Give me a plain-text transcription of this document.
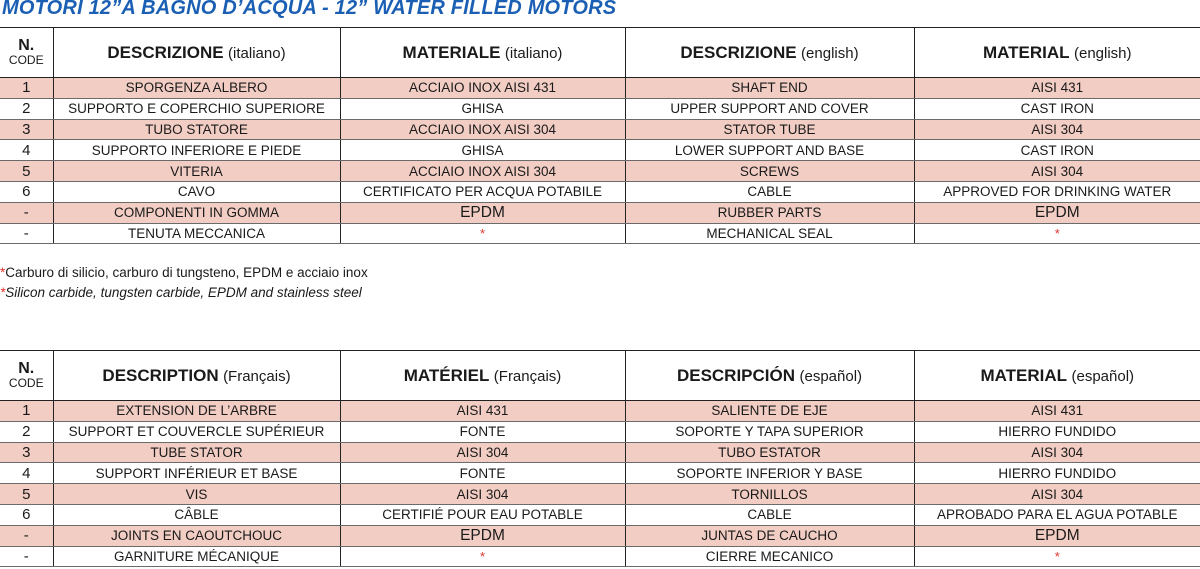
MOTORI 12”A BAGNO D’ACQUA - 12” WATER FILLED MOTORS
N.
CODE	DESCRIZIONE (italiano)	MATERIALE (italiano)	DESCRIZIONE (english)	MATERIAL (english)
1	SPORGENZA ALBERO	ACCIAIO INOX AISI 431	SHAFT END	AISI 431
2	SUPPORTO E COPERCHIO SUPERIORE	GHISA	UPPER SUPPORT AND COVER	CAST IRON
3	TUBO STATORE	ACCIAIO INOX AISI 304	STATOR TUBE	AISI 304
4	SUPPORTO INFERIORE E PIEDE	GHISA	LOWER SUPPORT AND BASE	CAST IRON
5	VITERIA	ACCIAIO INOX AISI 304	SCREWS	AISI 304
6	CAVO	CERTIFICATO PER ACQUA POTABILE	CABLE	APPROVED FOR DRINKING WATER
-	COMPONENTI IN GOMMA	EPDM	RUBBER PARTS	EPDM
-	TENUTA MECCANICA	*	MECHANICAL SEAL	*
*Carburo di silicio, carburo di tungsteno, EPDM e acciaio inox
*Silicon carbide, tungsten carbide, EPDM and stainless steel
N.
CODE	DESCRIPTION (Français)	MATÉRIEL (Français)	DESCRIPCIÓN (español)	MATERIAL (español)
1	EXTENSION DE L’ARBRE	AISI 431	SALIENTE DE EJE	AISI 431
2	SUPPORT ET COUVERCLE SUPÉRIEUR	FONTE	SOPORTE Y TAPA SUPERIOR	HIERRO FUNDIDO
3	TUBE STATOR	AISI 304	TUBO ESTATOR	AISI 304
4	SUPPORT INFÉRIEUR ET BASE	FONTE	SOPORTE INFERIOR Y BASE	HIERRO FUNDIDO
5	VIS	AISI 304	TORNILLOS	AISI 304
6	CÂBLE	CERTIFIÉ POUR EAU POTABLE	CABLE	APROBADO PARA EL AGUA POTABLE
-	JOINTS EN CAOUTCHOUC	EPDM	JUNTAS DE CAUCHO	EPDM
-	GARNITURE MÉCANIQUE	*	CIERRE MECANICO	*
